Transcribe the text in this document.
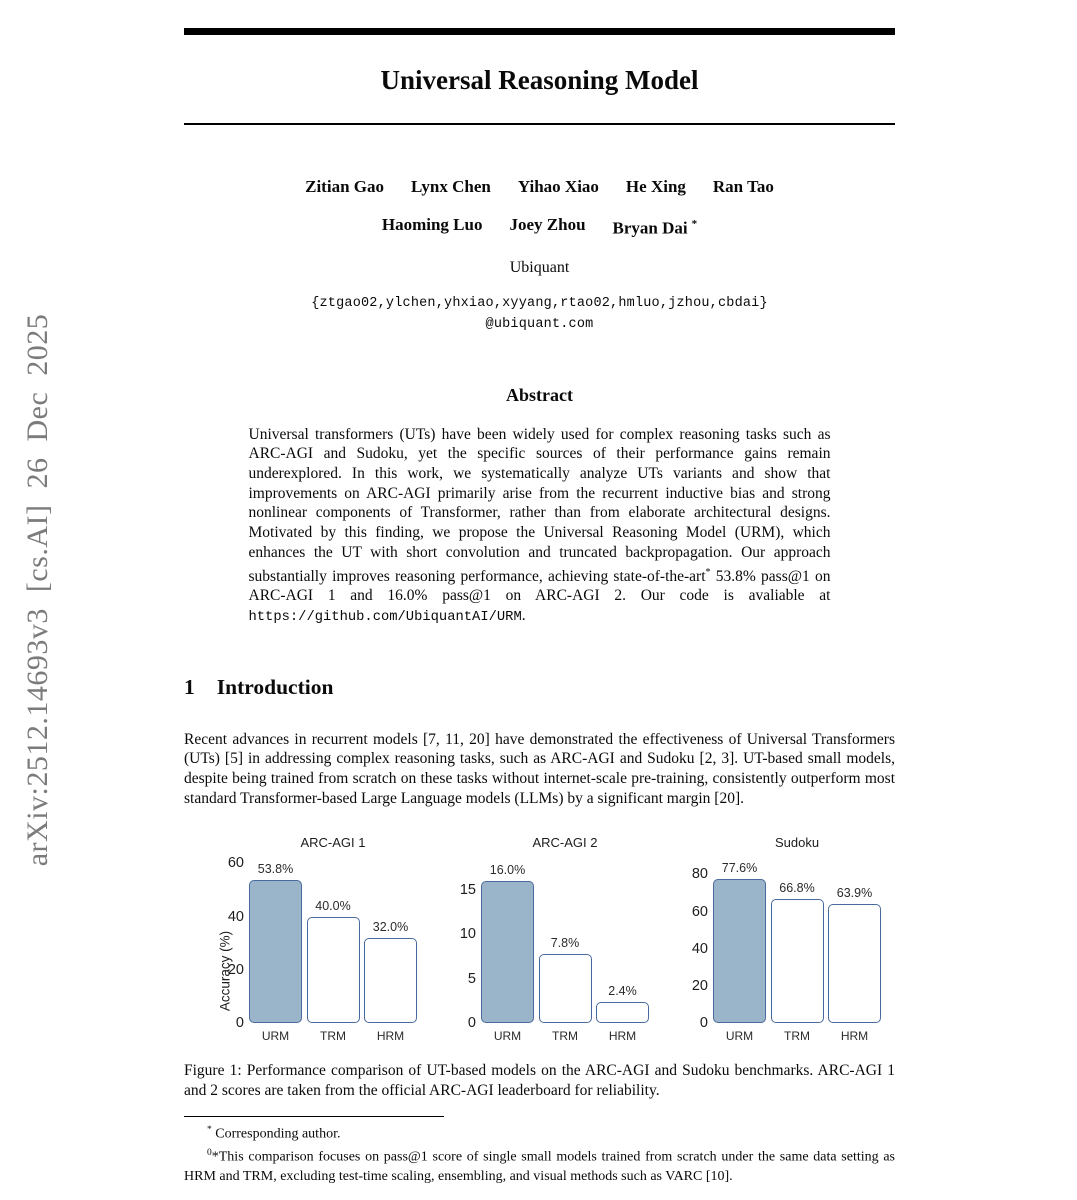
arXiv:2512.14693v3 [cs.AI] 26 Dec 2025
Universal Reasoning Model
Zitian Gao Lynx Chen Yihao Xiao He Xing Ran Tao
Haoming Luo Joey Zhou Bryan Dai *
Ubiquant
{ztgao02,ylchen,yhxiao,xyyang,rtao02,hmluo,jzhou,cbdai}
@ubiquant.com
Abstract

Universal transformers (UTs) have been widely used for complex reasoning tasks such as ARC-AGI and Sudoku, yet the specific sources of their performance gains remain underexplored. In this work, we systematically analyze UTs variants and show that improvements on ARC-AGI primarily arise from the recurrent inductive bias and strong nonlinear components of Transformer, rather than from elaborate architectural designs. Motivated by this finding, we propose the Universal Reasoning Model (URM), which enhances the UT with short convolution and truncated backpropagation. Our approach substantially improves reasoning performance, achieving state-of-the-art* 53.8% pass@1 on ARC-AGI 1 and 16.0% pass@1 on ARC-AGI 2. Our code is avaliable at https://github.com/UbiquantAI/URM.

1 Introduction

Recent advances in recurrent models [7, 11, 20] have demonstrated the effectiveness of Universal Transformers (UTs) [5] in addressing complex reasoning tasks, such as ARC-AGI and Sudoku [2, 3]. UT-based small models, despite being trained from scratch on these tasks without internet-scale pre-training, consistently outperform most standard Transformer-based Large Language models (LLMs) by a significant margin [20].

ARC-AGI 1
0
20
40
60 53.8%
40.0%
32.0%
URM	TRM	HRM
Accuracy (%)
ARC-AGI 2
0
5
10
15
16.0%
7.8%
2.4%
URM	TRM	HRM
Sudoku
0
20
40
60
80 77.6%
66.8% 63.9%
URM	TRM	HRM

Figure 1: Performance comparison of UT-based models on the ARC-AGI and Sudoku benchmarks. ARC-AGI 1 and 2 scores are taken from the official ARC-AGI leaderboard for reliability.

* Corresponding author.

$^0$*This comparison focuses on pass@1 score of single small models trained from scratch under the same data setting as HRM and TRM, excluding test-time scaling, ensembling, and visual methods such as VARC [10].
